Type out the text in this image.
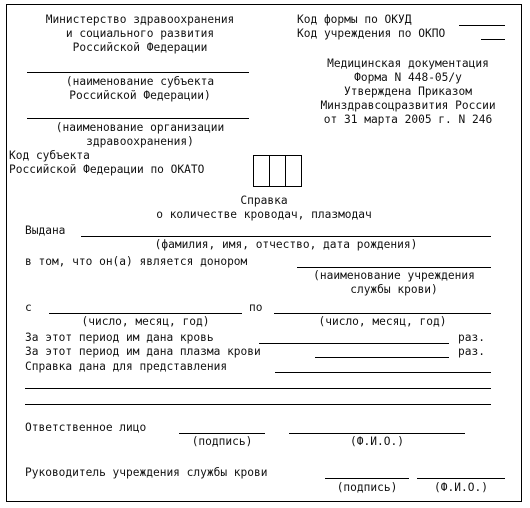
Министерство здравоохранения
и социального развития
Российской Федерации
(наименование субъекта
Российской Федерации)
(наименование организации
здравоохранения)
Код формы по ОКУД
Код учреждения по ОКПО
Медицинская документация
Форма N 448-05/у
Утверждена Приказом
Минздравсоцразвития России
от 31 марта 2005 г. N 246
Код субъекта
Российской Федерации по ОКАТО
Справка
о количестве кроводач, плазмодач
Выдана
(фамилия, имя, отчество, дата рождения)
в том, что он(а) является донором
(наименование учреждения
службы крови)
с	по
(число, месяц, год)	(число, месяц, год)
За этот период им дана кровь	раз.
За этот период им дана плазма крови	раз.
Справка дана для представления
Ответственное лицо
(подпись)	(Ф.И.О.)
Руководитель учреждения службы крови
(подпись)	(Ф.И.О.)
